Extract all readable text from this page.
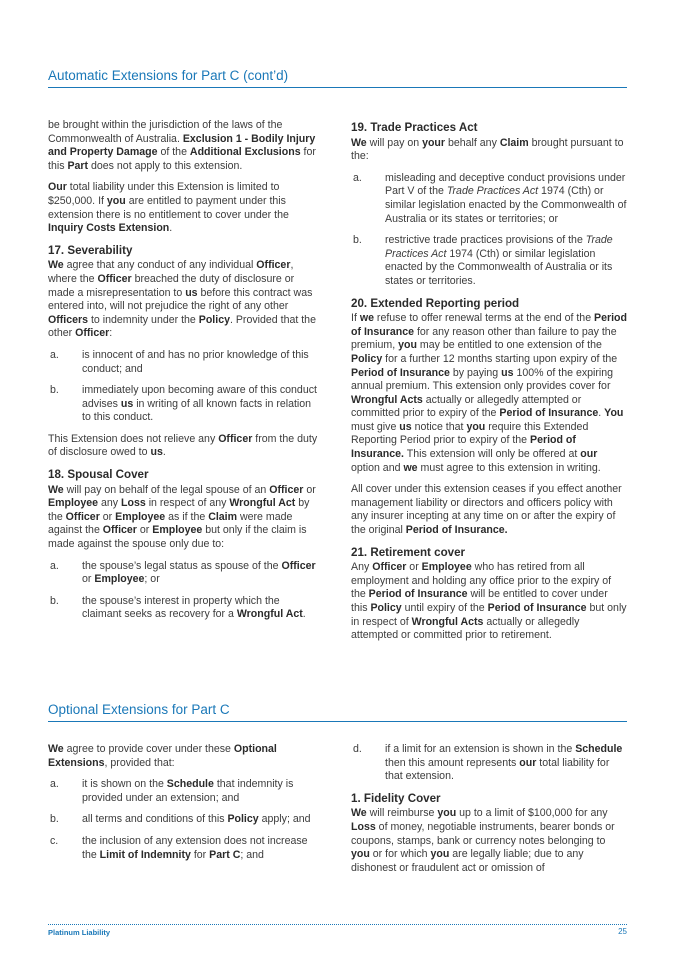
Automatic Extensions for Part C (cont’d)

be brought within the jurisdiction of the laws of the Commonwealth of Australia. Exclusion 1 - Bodily Injury and Property Damage of the Additional Exclusions for this Part does not apply to this extension.

Our total liability under this Extension is limited to $250,000. If you are entitled to payment under this extension there is no entitlement to cover under the Inquiry Costs Extension.

17. Severability

We agree that any conduct of any individual Officer, where the Officer breached the duty of disclosure or made a misrepresentation to us before this contract was entered into, will not prejudice the right of any other Officers to indemnity under the Policy. Provided that the other Officer:

a.	is innocent of and has no prior knowledge of this conduct; and
b.	immediately upon becoming aware of this conduct advises us in writing of all known facts in relation to this conduct.

This Extension does not relieve any Officer from the duty of disclosure owed to us.

18. Spousal Cover

We will pay on behalf of the legal spouse of an Officer or Employee any Loss in respect of any Wrongful Act by the Officer or Employee as if the Claim were made against the Officer or Employee but only if the claim is made against the spouse only due to:

a.	the spouse’s legal status as spouse of the Officer or Employee; or
b.	the spouse’s interest in property which the claimant seeks as recovery for a Wrongful Act.
19. Trade Practices Act

We will pay on your behalf any Claim brought pursuant to the:

a.	misleading and deceptive conduct provisions under Part V of the Trade Practices Act 1974 (Cth) or similar legislation enacted by the Commonwealth of Australia or its states or territories; or
b.	restrictive trade practices provisions of the Trade Practices Act 1974 (Cth) or similar legislation enacted by the Commonwealth of Australia or its states or territories.
20. Extended Reporting period

If we refuse to offer renewal terms at the end of the Period of Insurance for any reason other than failure to pay the premium, you may be entitled to one extension of the Policy for a further 12 months starting upon expiry of the Period of Insurance by paying us 100% of the expiring annual premium. This extension only provides cover for Wrongful Acts actually or allegedly attempted or committed prior to expiry of the Period of Insurance. You must give us notice that you require this Extended Reporting Period prior to expiry of the Period of Insurance. This extension will only be offered at our option and we must agree to this extension in writing.

All cover under this extension ceases if you effect another management liability or directors and officers policy with any insurer incepting at any time on or after the expiry of the original Period of Insurance.

21. Retirement cover

Any Officer or Employee who has retired from all employment and holding any office prior to the expiry of the Period of Insurance will be entitled to cover under this Policy until expiry of the Period of Insurance but only in respect of Wrongful Acts actually or allegedly attempted or committed prior to retirement.

Optional Extensions for Part C

We agree to provide cover under these Optional Extensions, provided that:

a.	it is shown on the Schedule that indemnity is provided under an extension; and
b.	all terms and conditions of this Policy apply; and
c.	the inclusion of any extension does not increase the Limit of Indemnity for Part C; and
d.	if a limit for an extension is shown in the Schedule then this amount represents our total liability for that extension.
1. Fidelity Cover

We will reimburse you up to a limit of $100,000 for any Loss of money, negotiable instruments, bearer bonds or coupons, stamps, bank or currency notes belonging to you or for which you are legally liable; due to any dishonest or fraudulent act or omission of

Platinum Liability	25
